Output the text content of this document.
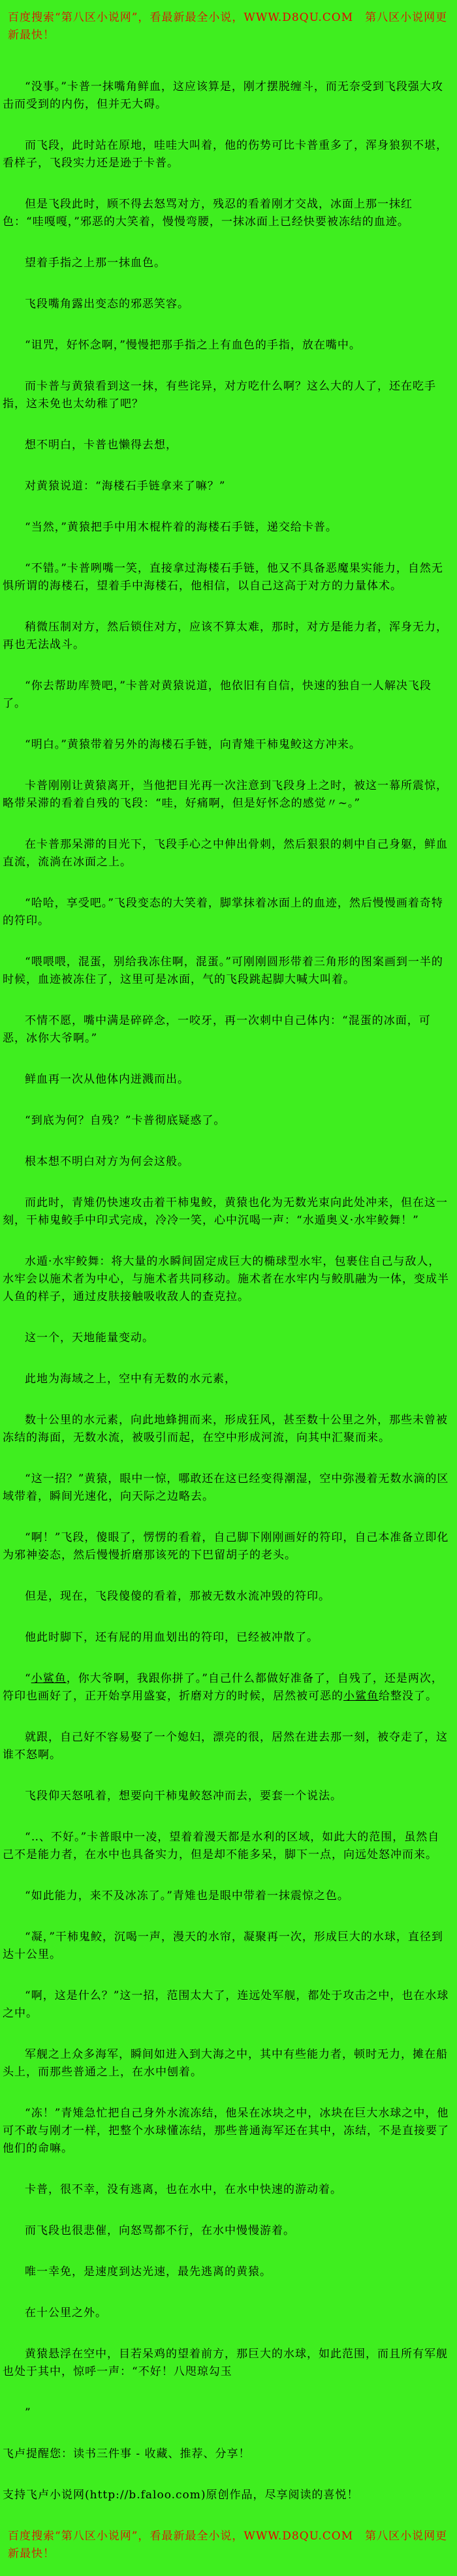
百度搜索“第八区小说网”，看最新最全小说，WWW.D8QU.COM　第八区小说网更新最快！

“没事。”卡普一抹嘴角鲜血，这应该算是，刚才摆脱缠斗，而无奈受到飞段强大攻击而受到的内伤，但并无大碍。

而飞段，此时站在原地，哇哇大叫着，他的伤势可比卡普重多了，浑身狼狈不堪，看样子，飞段实力还是逊于卡普。

但是飞段此时，顾不得去怒骂对方，残忍的看着刚才交战，冰面上那一抹红色：“哇嘎嘎，”邪恶的大笑着，慢慢弯腰，一抹冰面上已经快要被冻结的血迹。

望着手指之上那一抹血色。

飞段嘴角露出变态的邪恶笑容。

“诅咒，好怀念啊，”慢慢把那手指之上有血色的手指，放在嘴中。

而卡普与黄猿看到这一抹，有些诧异，对方吃什么啊？这么大的人了，还在吃手指，这未免也太幼稚了吧？

想不明白，卡普也懒得去想，

对黄猿说道：“海楼石手链拿来了嘛？”

“当然，”黄猿把手中用木棍杵着的海楼石手链，递交给卡普。

“不错。”卡普咧嘴一笑，直接拿过海楼石手链，他又不具备恶魔果实能力，自然无惧所谓的海楼石，望着手中海楼石，他相信，以自己这高于对方的力量体术。

稍微压制对方，然后锁住对方，应该不算太难，那时，对方是能力者，浑身无力，再也无法战斗。

“你去帮助库赞吧，”卡普对黄猿说道，他依旧有自信，快速的独自一人解决飞段了。

“明白。”黄猿带着另外的海楼石手链，向青雉干柿鬼鲛这方冲来。

卡普刚刚让黄猿离开，当他把目光再一次注意到飞段身上之时，被这一幕所震惊，略带呆滞的看着自残的飞段：“哇，好痛啊，但是好怀念的感觉〃~。”

在卡普那呆滞的目光下，飞段手心之中伸出骨刺，然后狠狠的刺中自己身躯，鲜血直流，流淌在冰面之上。

“哈哈，享受吧。”飞段变态的大笑着，脚掌抹着冰面上的血迹，然后慢慢画着奇特的符印。

“喂喂喂，混蛋，别给我冻住啊，混蛋。”可刚刚圆形带着三角形的图案画到一半的时候，血迹被冻住了，这里可是冰面，气的飞段跳起脚大喊大叫着。

不情不愿，嘴中满是碎碎念，一咬牙，再一次刺中自己体内：“混蛋的冰面，可恶，冰你大爷啊。”

鲜血再一次从他体内迸溅而出。

“到底为何？自残？”卡普彻底疑惑了。

根本想不明白对方为何会这般。

而此时，青雉仍快速攻击着干柿鬼鲛，黄猿也化为无数光束向此处冲来，但在这一刻，干柿鬼鲛手中印式完成，冷冷一笑，心中沉喝一声：“水遁奥义·水牢鲛舞！”

水遁·水牢鲛舞：将大量的水瞬间固定成巨大的椭球型水牢，包裹住自己与敌人，水牢会以施术者为中心，与施术者共同移动。施术者在水牢内与鲛肌融为一体，变成半人鱼的样子，通过皮肤接触吸收敌人的查克拉。

这一个，天地能量变动。

此地为海域之上，空中有无数的水元素，

数十公里的水元素，向此地蜂拥而来，形成狂风，甚至数十公里之外，那些未曾被冻结的海面，无数水流，被吸引而起，在空中形成河流，向其中汇聚而来。

“这一招？”黄猿，眼中一惊，哪敢还在这已经变得潮湿，空中弥漫着无数水滴的区域带着，瞬间光速化，向天际之边略去。

“啊！”飞段，傻眼了，愣愣的看着，自己脚下刚刚画好的符印，自己本准备立即化为邪神姿态，然后慢慢折磨那该死的下巴留胡子的老头。

但是，现在，飞段傻傻的看着，那被无数水流冲毁的符印。

他此时脚下，还有屁的用血划出的符印，已经被冲散了。

“小鲨鱼，你大爷啊，我跟你拼了。”自己什么都做好准备了，自残了，还是两次，符印也画好了，正开始享用盛宴，折磨对方的时候，居然被可恶的小鲨鱼给整没了。

就跟，自己好不容易娶了一个媳妇，漂亮的很，居然在进去那一刻，被夺走了，这谁不怒啊。

飞段仰天怒吼着，想要向干柿鬼鲛怒冲而去，要套一个说法。

“‥、不好。”卡普眼中一凌，望着着漫天都是水利的区域，如此大的范围，虽然自己不是能力者，在水中也具备实力，但是却不能多呆，脚下一点，向远处怒冲而来。

“如此能力，来不及冰冻了。”青雉也是眼中带着一抹震惊之色。

“凝，”干柿鬼鲛，沉喝一声，漫天的水帘，凝聚再一次，形成巨大的水球，直径到达十公里。

“啊，这是什么？”这一招，范围太大了，连远处军舰，都处于攻击之中，也在水球之中。

军舰之上众多海军，瞬间如进入到大海之中，其中有些能力者，顿时无力，摊在船头上，而那些普通之上，在水中刨着。

“冻！”青雉急忙把自己身外水流冻结，他呆在冰块之中，冰块在巨大水球之中，他可不敢与刚才一样，把整个水球懂冻结，那些普通海军还在其中，冻结，不是直接要了他们的命嘛。

卡普，很不幸，没有逃离，也在水中，在水中快速的游动着。

而飞段也很悲催，向怒骂都不行，在水中慢慢游着。

唯一幸免，是速度到达光速，最先逃离的黄猿。

在十公里之外。

黄猿悬浮在空中，目若呆鸡的望着前方，那巨大的水球，如此范围，而且所有军舰也处于其中，惊呼一声：“不好！八咫琼勾玉

”

飞卢提醒您：读书三件事 - 收藏、推荐、分享！

支持飞卢小说网(http://b.faloo.com)原创作品，尽享阅读的喜悦！

百度搜索“第八区小说网”，看最新最全小说，WWW.D8QU.COM　第八区小说网更新最快！
